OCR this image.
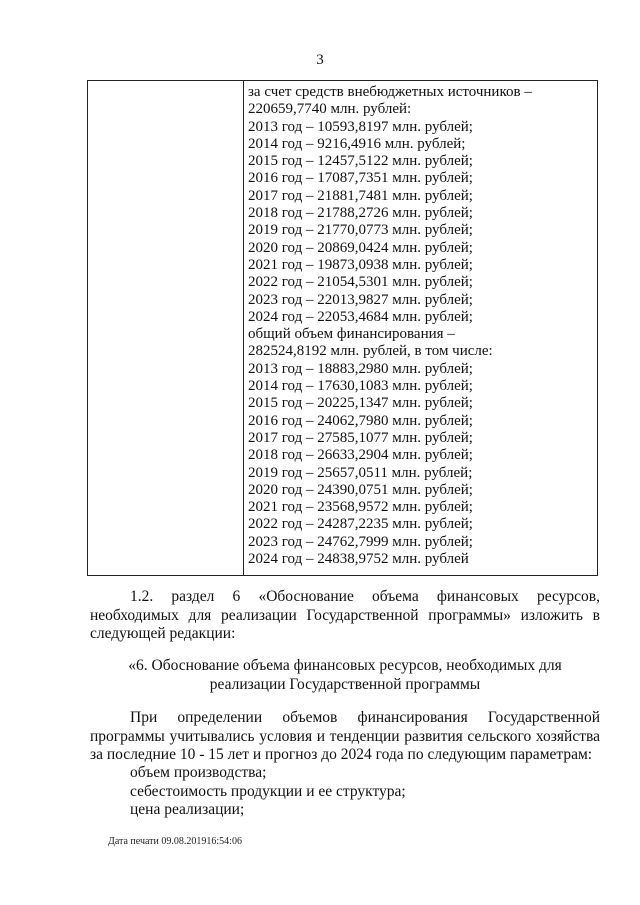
3
за счет средств внебюджетных источников –
220659,7740 млн. рублей:
2013 год – 10593,8197 млн. рублей;
2014 год – 9216,4916 млн. рублей;
2015 год – 12457,5122 млн. рублей;
2016 год – 17087,7351 млн. рублей;
2017 год – 21881,7481 млн. рублей;
2018 год – 21788,2726 млн. рублей;
2019 год – 21770,0773 млн. рублей;
2020 год – 20869,0424 млн. рублей;
2021 год – 19873,0938 млн. рублей;
2022 год – 21054,5301 млн. рублей;
2023 год – 22013,9827 млн. рублей;
2024 год – 22053,4684 млн. рублей;
общий объем финансирования –
282524,8192 млн. рублей, в том числе:
2013 год – 18883,2980 млн. рублей;
2014 год – 17630,1083 млн. рублей;
2015 год – 20225,1347 млн. рублей;
2016 год – 24062,7980 млн. рублей;
2017 год – 27585,1077 млн. рублей;
2018 год – 26633,2904 млн. рублей;
2019 год – 25657,0511 млн. рублей;
2020 год – 24390,0751 млн. рублей;
2021 год – 23568,9572 млн. рублей;
2022 год – 24287,2235 млн. рублей;
2023 год – 24762,7999 млн. рублей;
2024 год – 24838,9752 млн. рублей
1.2. раздел 6 «Обоснование объема финансовых ресурсов, необходимых для реализации Государственной программы» изложить в следующей редакции:
«6. Обоснование объема финансовых ресурсов, необходимых для
реализации Государственной программы
При определении объемов финансирования Государственной программы учитывались условия и тенденции развития сельского хозяйства за последние 10 - 15 лет и прогноз до 2024 года по следующим параметрам:
объем производства;
себестоимость продукции и ее структура;
цена реализации;
Дата печати 09.08.201916:54:06
